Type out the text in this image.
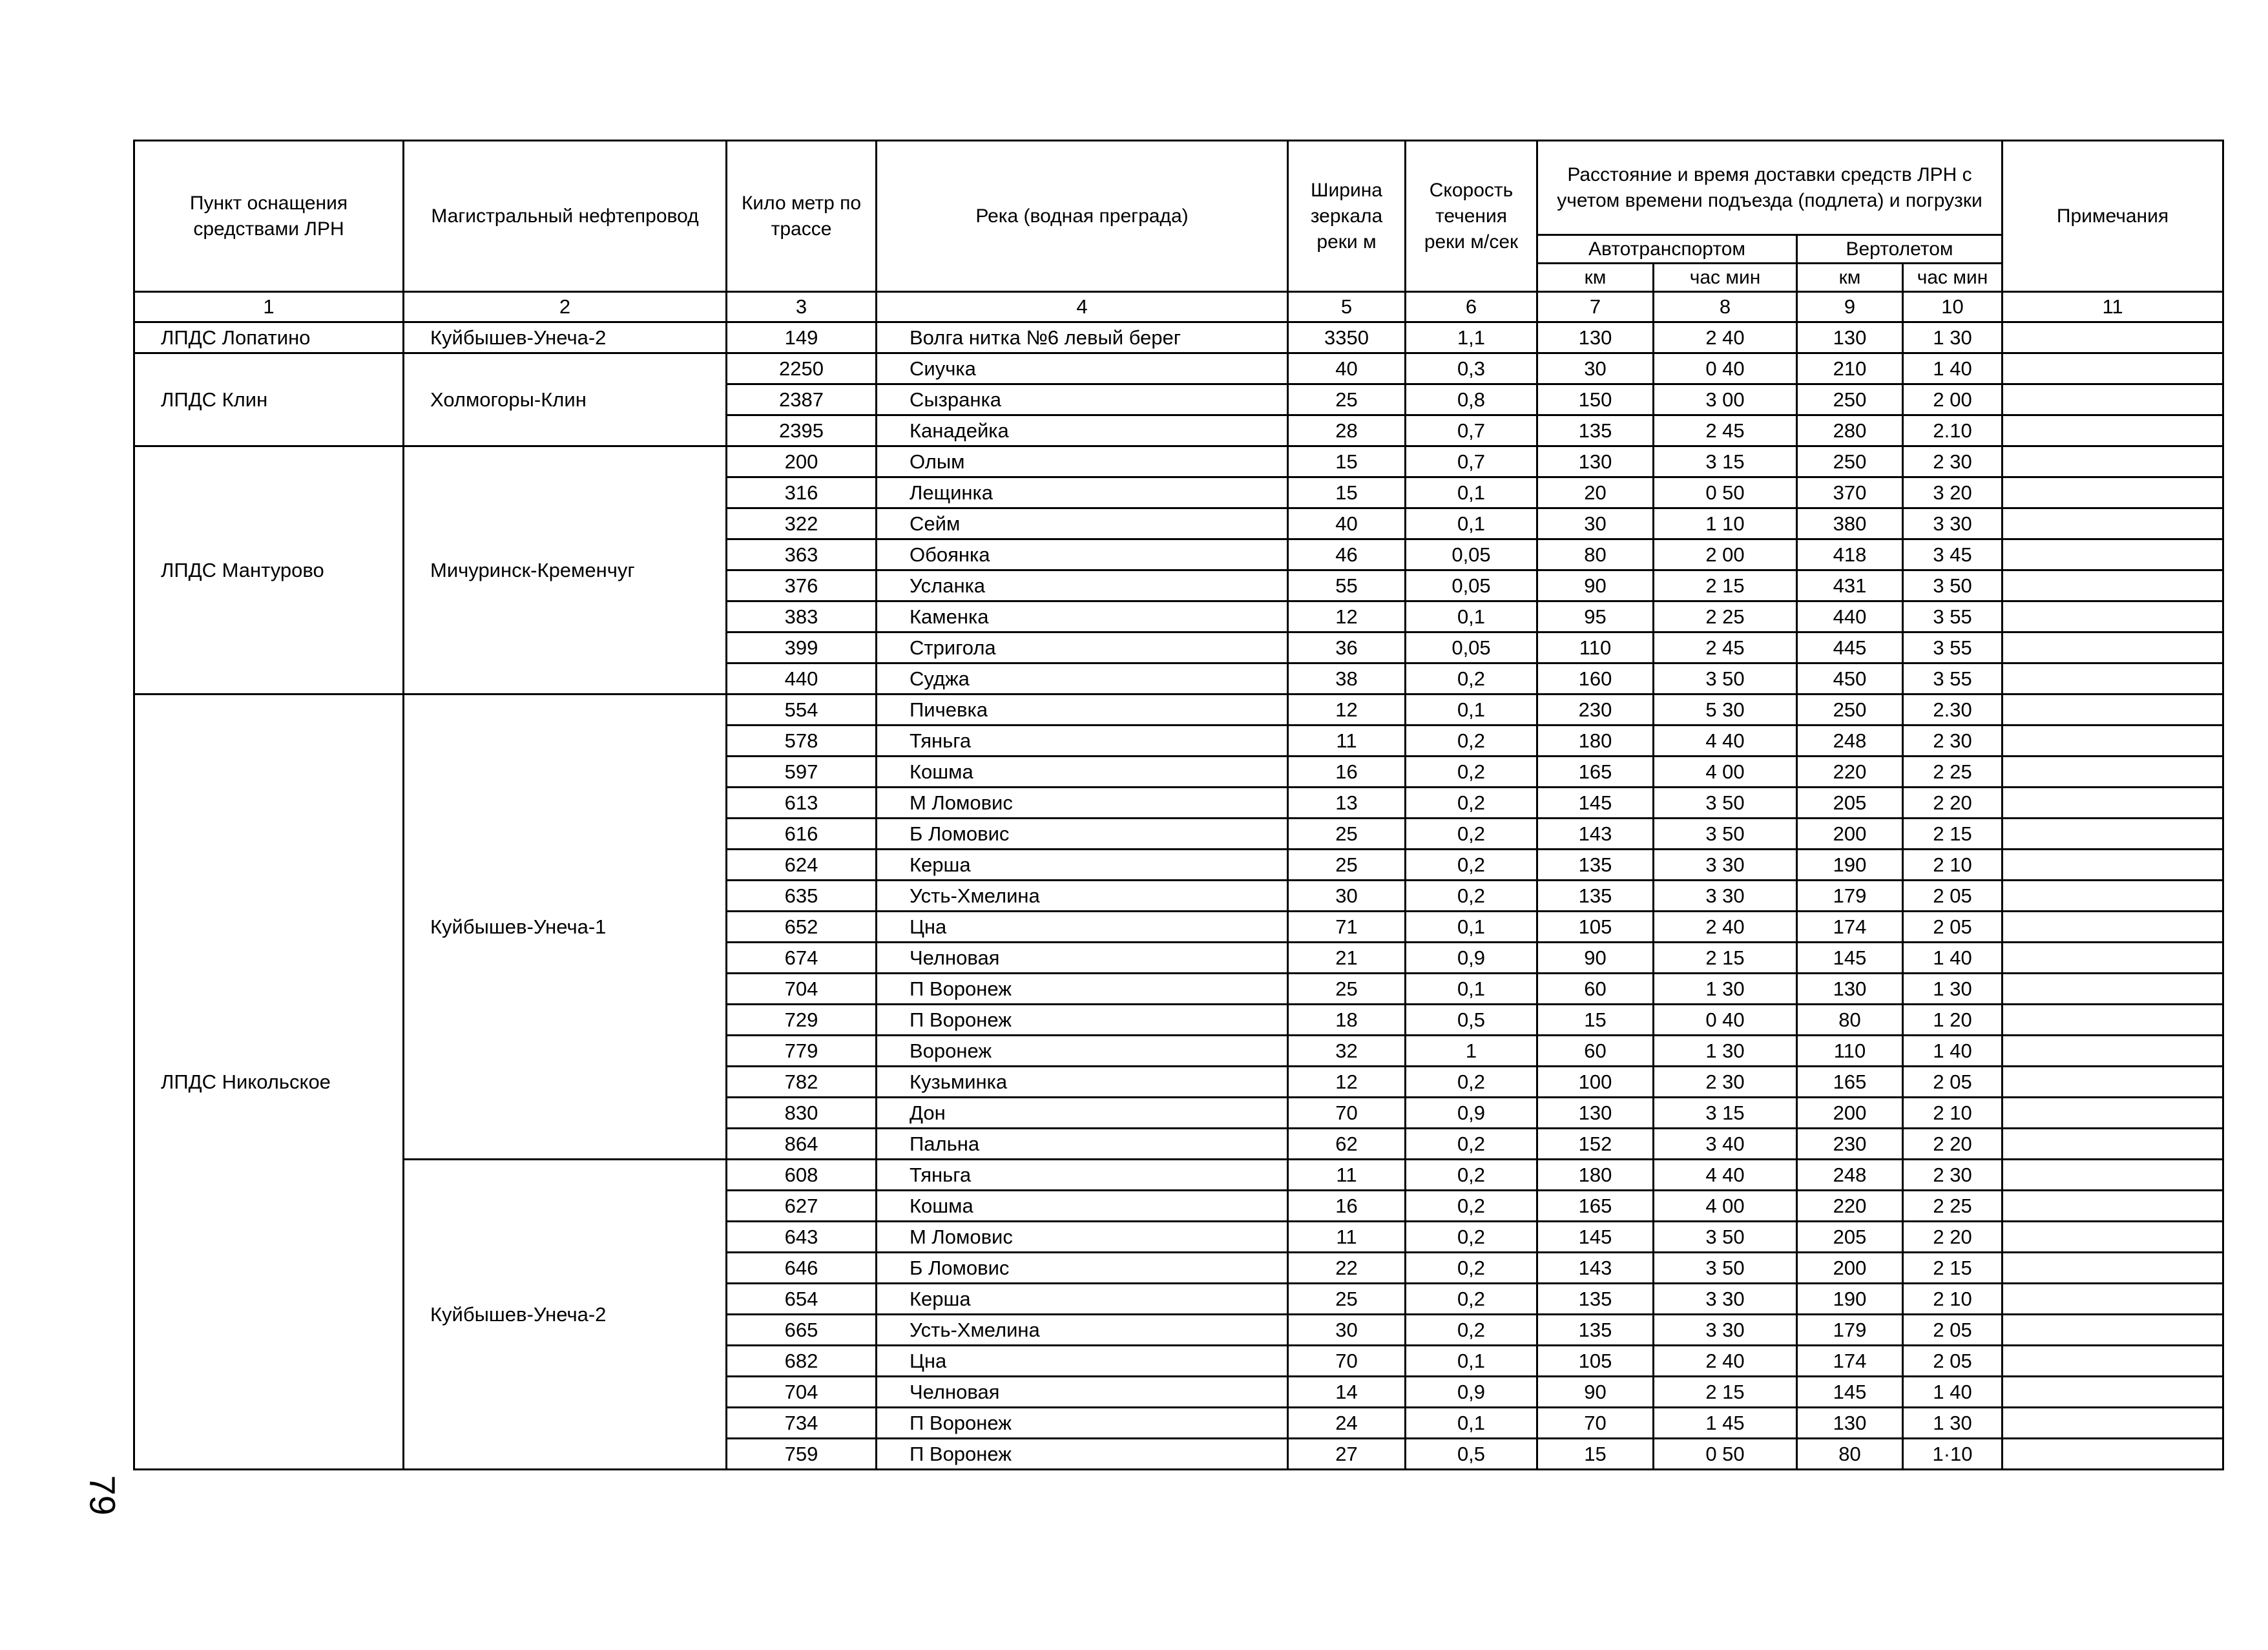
Пункт оснащения средствами ЛРН	Магистральный нефтепровод	Кило метр по трассе	Река (водная преграда)	Ширина зеркала реки м	Скорость течения реки м/сек	Расстояние и время доставки средств ЛРН с учетом времени подъезда (подлета) и погрузки				Примечания
						Автотранспортом		Вертолетом		
						км	час мин	км	час мин	
1	2	3	4	5	6	7	8	9	10	11
ЛПДС Лопатино	Куйбышев-Унеча-2	149	Волга нитка №6 левый берег	3350	1,1	130	2 40	130	1 30	
ЛПДС Клин	Холмогоры-Клин	2250	Сиучка	40	0,3	30	0 40	210	1 40	
		2387	Сызранка	25	0,8	150	3 00	250	2 00	
		2395	Канадейка	28	0,7	135	2 45	280	2.10	
ЛПДС Мантурово	Мичуринск-Кременчуг	200	Олым	15	0,7	130	3 15	250	2 30	
		316	Лещинка	15	0,1	20	0 50	370	3 20	
		322	Сейм	40	0,1	30	1 10	380	3 30	
		363	Обоянка	46	0,05	80	2 00	418	3 45	
		376	Усланка	55	0,05	90	2 15	431	3 50	
		383	Каменка	12	0,1	95	2 25	440	3 55	
		399	Стригола	36	0,05	110	2 45	445	3 55	
		440	Суджа	38	0,2	160	3 50	450	3 55	
ЛПДС Никольское	Куйбышев-Унеча-1	554	Пичевка	12	0,1	230	5 30	250	2.30	
		578	Тяньга	11	0,2	180	4 40	248	2 30	
		597	Кошма	16	0,2	165	4 00	220	2 25	
		613	М Ломовис	13	0,2	145	3 50	205	2 20	
		616	Б Ломовис	25	0,2	143	3 50	200	2 15	
		624	Керша	25	0,2	135	3 30	190	2 10	
		635	Усть-Хмелина	30	0,2	135	3 30	179	2 05	
		652	Цна	71	0,1	105	2 40	174	2 05	
		674	Челновая	21	0,9	90	2 15	145	1 40	
		704	П Воронеж	25	0,1	60	1 30	130	1 30	
		729	П Воронеж	18	0,5	15	0 40	80	1 20	
		779	Воронеж	32	1	60	1 30	110	1 40	
		782	Кузьминка	12	0,2	100	2 30	165	2 05	
		830	Дон	70	0,9	130	3 15	200	2 10	
		864	Пальна	62	0,2	152	3 40	230	2 20	
	Куйбышев-Унеча-2	608	Тяньга	11	0,2	180	4 40	248	2 30	
		627	Кошма	16	0,2	165	4 00	220	2 25	
		643	М Ломовис	11	0,2	145	3 50	205	2 20	
		646	Б Ломовис	22	0,2	143	3 50	200	2 15	
		654	Керша	25	0,2	135	3 30	190	2 10	
		665	Усть-Хмелина	30	0,2	135	3 30	179	2 05	
		682	Цна	70	0,1	105	2 40	174	2 05	
		704	Челновая	14	0,9	90	2 15	145	1 40	
		734	П Воронеж	24	0,1	70	1 45	130	1 30	
		759	П Воронеж	27	0,5	15	0 50	80	1·10	
79
